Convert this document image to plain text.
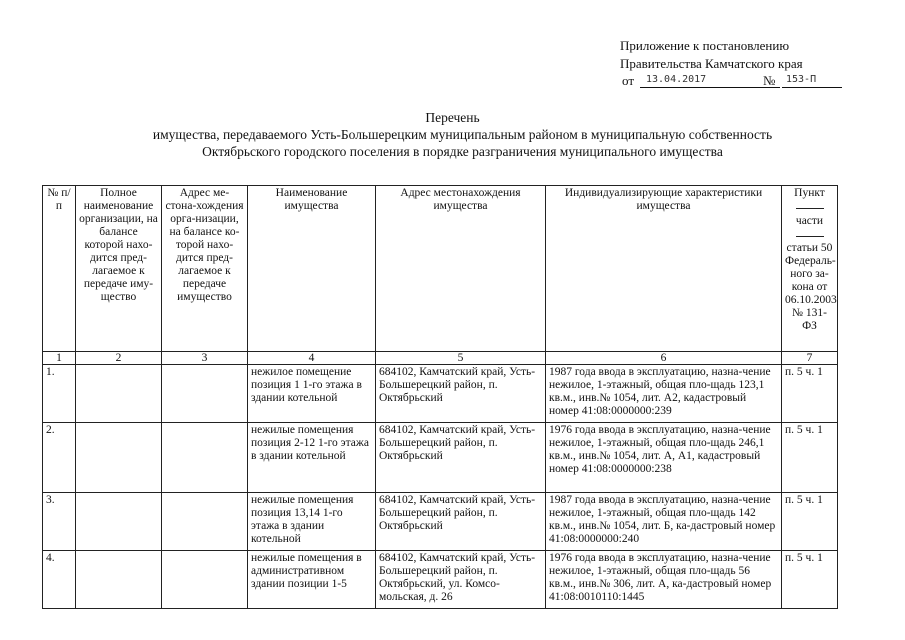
Приложение к постановлению
Правительства Камчатского края
от	13.04.2017	№	153-П
Перечень
имущества, передаваемого Усть-Большерецким муниципальным районом в муниципальную собственность
Октябрьского городского поселения в порядке разграничения муниципального имущества
№ п/п	Полное наименование организации, на балансе которой нахо-дится пред-лагаемое к передаче иму-щество	Адрес ме-стона-хождения орга-низации, на балансе ко-торой нахо-дится пред-лагаемое к передаче имущество	Наименование имущества	Адрес местонахождения имущества	Индивидуализирующие характеристики имущества	Пункт
части
статьи 50 Федераль-ного за-кона от 06.10.2003 № 131-ФЗ

1	2	3	4	5	6	7
1.			нежилое помещение позиция 1 1-го этажа в здании котельной	684102, Камчатский край, Усть-Большерецкий район, п. Октябрьский	1987 года ввода в эксплуатацию, назна-чение нежилое, 1-этажный, общая пло-щадь 123,1 кв.м., инв.№ 1054, лит. А2, кадастровый номер 41:08:0000000:239	п. 5 ч. 1
2.			нежилые помещения позиция 2-12 1-го этажа в здании котельной	684102, Камчатский край, Усть-Большерецкий район, п. Октябрьский	1976 года ввода в эксплуатацию, назна-чение нежилое, 1-этажный, общая пло-щадь 246,1 кв.м., инв.№ 1054, лит. А, А1, кадастровый номер 41:08:0000000:238	п. 5 ч. 1
3.			нежилые помещения позиция 13,14 1-го этажа в здании котельной	684102, Камчатский край, Усть-Большерецкий район, п. Октябрьский	1987 года ввода в эксплуатацию, назна-чение нежилое, 1-этажный, общая пло-щадь 142 кв.м., инв.№ 1054, лит. Б, ка-дастровый номер 41:08:0000000:240	п. 5 ч. 1
4.			нежилые помещения в административном здании позиции 1-5	684102, Камчатский край, Усть-Большерецкий район, п. Октябрьский, ул. Комсо-мольская, д. 26	1976 года ввода в эксплуатацию, назна-чение нежилое, 1-этажный, общая пло-щадь 56 кв.м., инв.№ 306, лит. А, ка-дастровый номер 41:08:0010110:1445	п. 5 ч. 1
